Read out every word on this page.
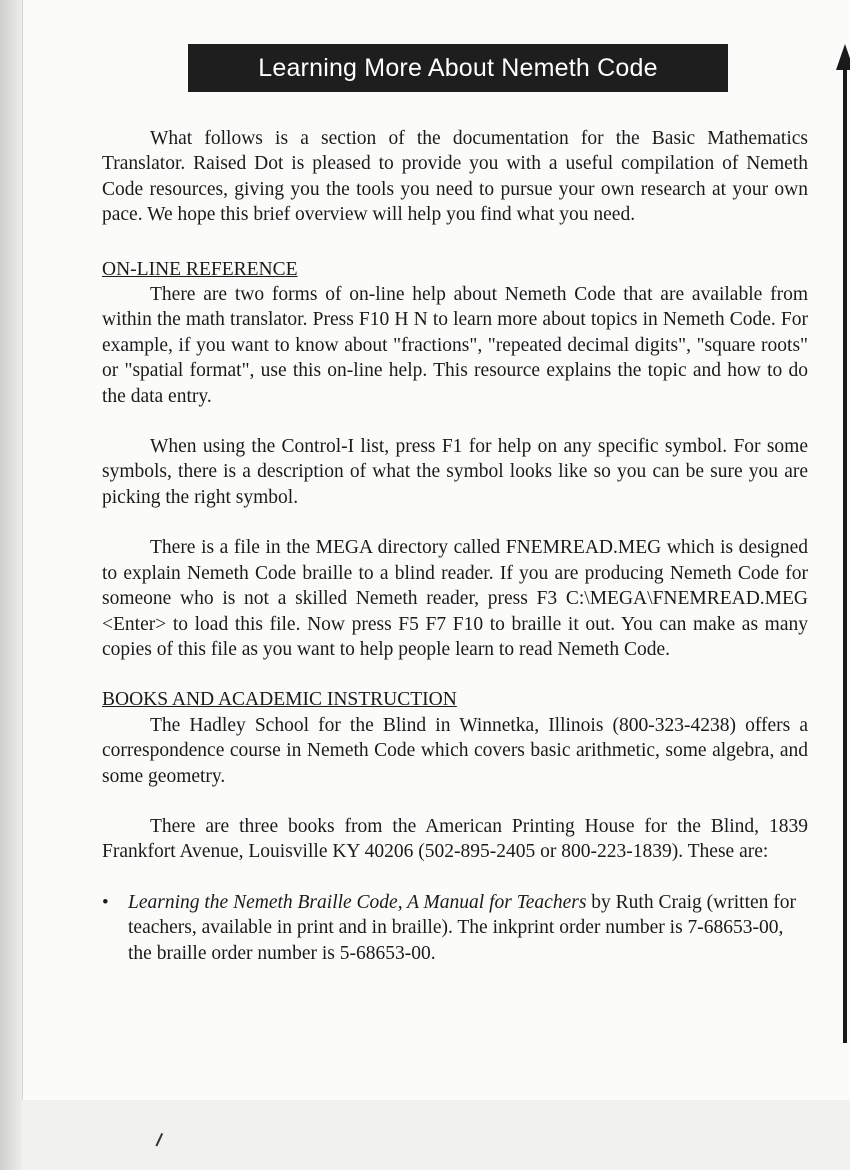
Learning More About Nemeth Code

What follows is a section of the documentation for the Basic Mathematics Translator. Raised Dot is pleased to provide you with a useful compilation of Nemeth Code resources, giving you the tools you need to pursue your own research at your own pace. We hope this brief overview will help you find what you need.

ON-LINE REFERENCE

There are two forms of on-line help about Nemeth Code that are available from within the math translator. Press F10 H N to learn more about topics in Nemeth Code. For example, if you want to know about "fractions", "repeated decimal digits", "square roots" or "spatial format", use this on-line help. This resource explains the topic and how to do the data entry.

When using the Control-I list, press F1 for help on any specific symbol. For some symbols, there is a description of what the symbol looks like so you can be sure you are picking the right symbol.

There is a file in the MEGA directory called FNEMREAD.MEG which is designed to explain Nemeth Code braille to a blind reader. If you are producing Nemeth Code for someone who is not a skilled Nemeth reader, press F3 C:\MEGA\FNEMREAD.MEG <Enter> to load this file. Now press F5 F7 F10 to braille it out. You can make as many copies of this file as you want to help people learn to read Nemeth Code.

BOOKS AND ACADEMIC INSTRUCTION

The Hadley School for the Blind in Winnetka, Illinois (800-323-4238) offers a correspondence course in Nemeth Code which covers basic arithmetic, some algebra, and some geometry.

There are three books from the American Printing House for the Blind, 1839 Frankfort Avenue, Louisville KY 40206 (502-895-2405 or 800-223-1839). These are:

• Learning the Nemeth Braille Code, A Manual for Teachers by Ruth Craig (written for teachers, available in print and in braille). The inkprint order number is 7-68653-00, the braille order number is 5-68653-00.
